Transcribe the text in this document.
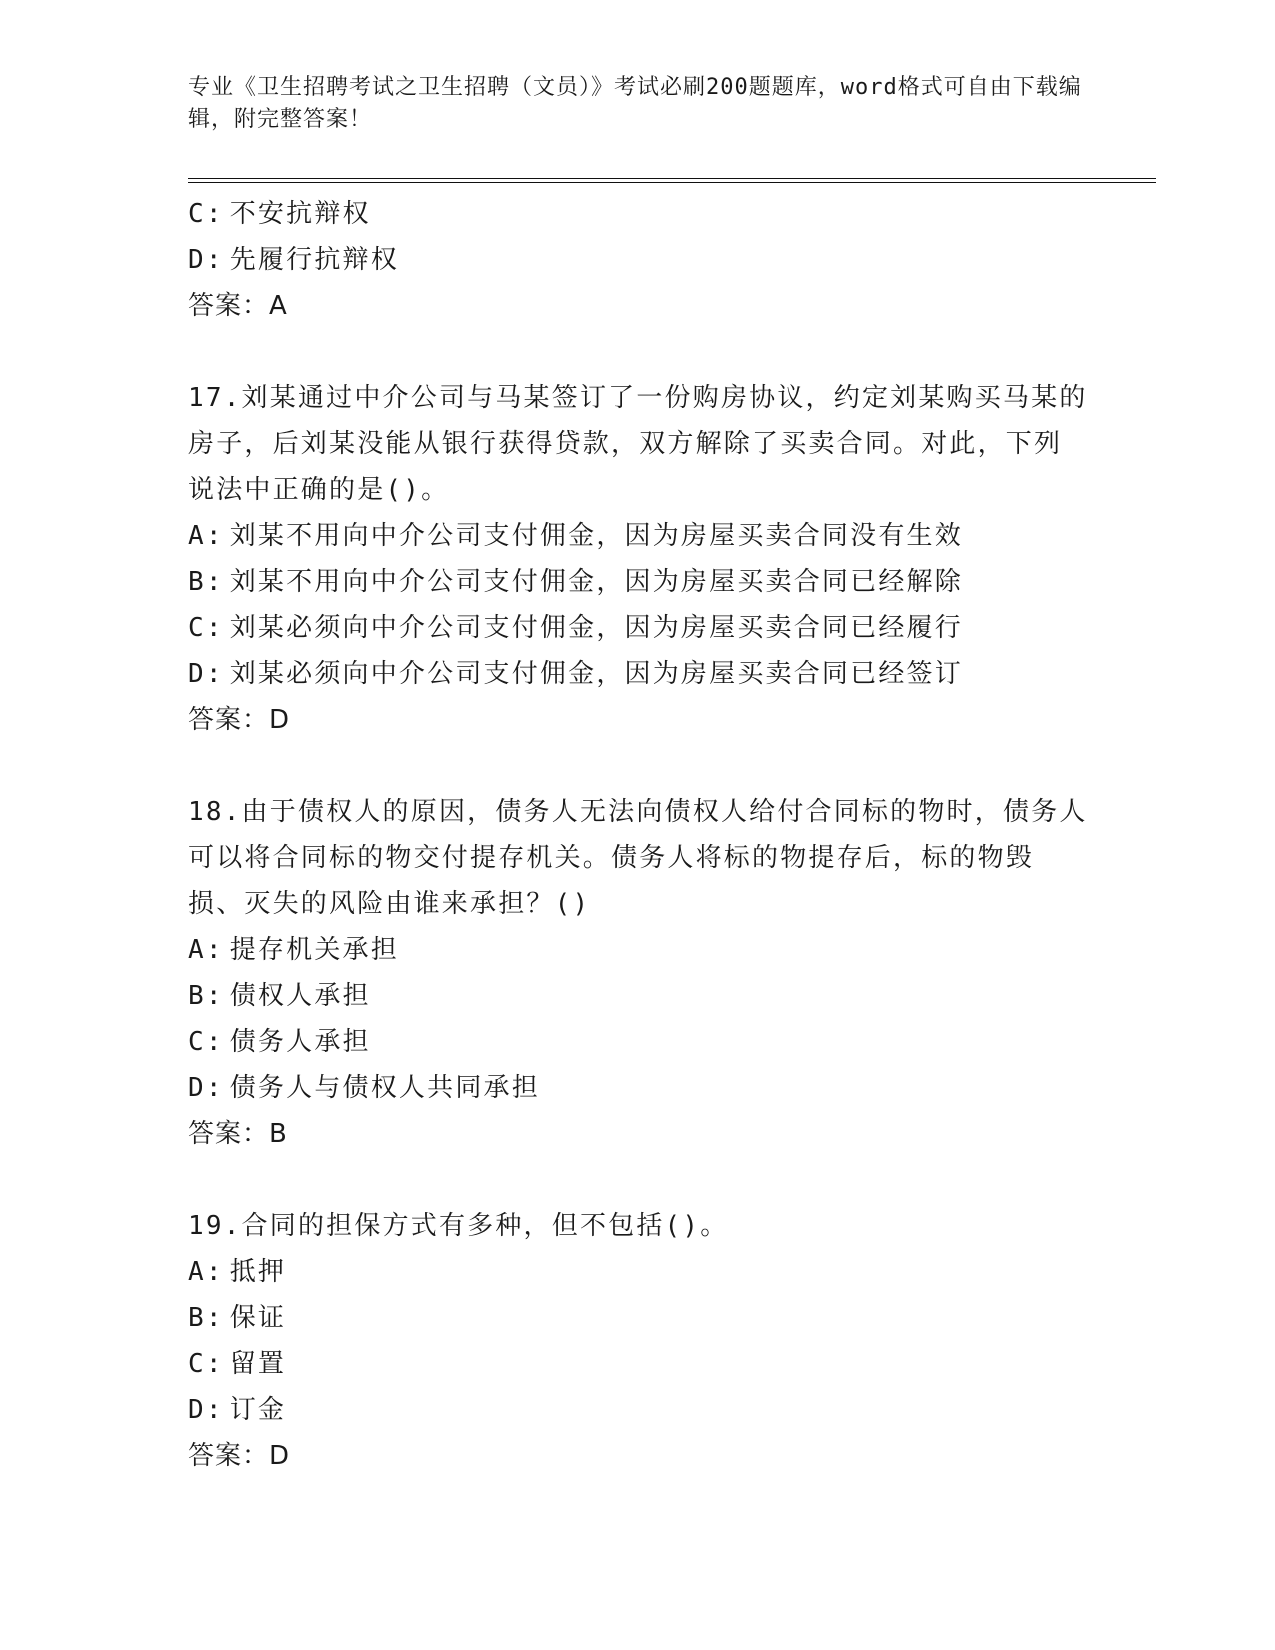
专业《卫生招聘考试之卫生招聘（文员）》考试必刷200题题库，word格式可自由下载编辑，附完整答案！
C: 不安抗辩权
D: 先履行抗辩权
答案：A
17.刘某通过中介公司与马某签订了一份购房协议，约定刘某购买马某的房子，后刘某没能从银行获得贷款，双方解除了买卖合同。对此，下列说法中正确的是()。
A: 刘某不用向中介公司支付佣金，因为房屋买卖合同没有生效
B: 刘某不用向中介公司支付佣金，因为房屋买卖合同已经解除
C: 刘某必须向中介公司支付佣金，因为房屋买卖合同已经履行
D: 刘某必须向中介公司支付佣金，因为房屋买卖合同已经签订
答案：D
18.由于债权人的原因，债务人无法向债权人给付合同标的物时，债务人可以将合同标的物交付提存机关。债务人将标的物提存后，标的物毁损、灭失的风险由谁来承担？()
A: 提存机关承担
B: 债权人承担
C: 债务人承担
D: 债务人与债权人共同承担
答案：B
19.合同的担保方式有多种，但不包括()。
A: 抵押
B: 保证
C: 留置
D: 订金
答案：D
